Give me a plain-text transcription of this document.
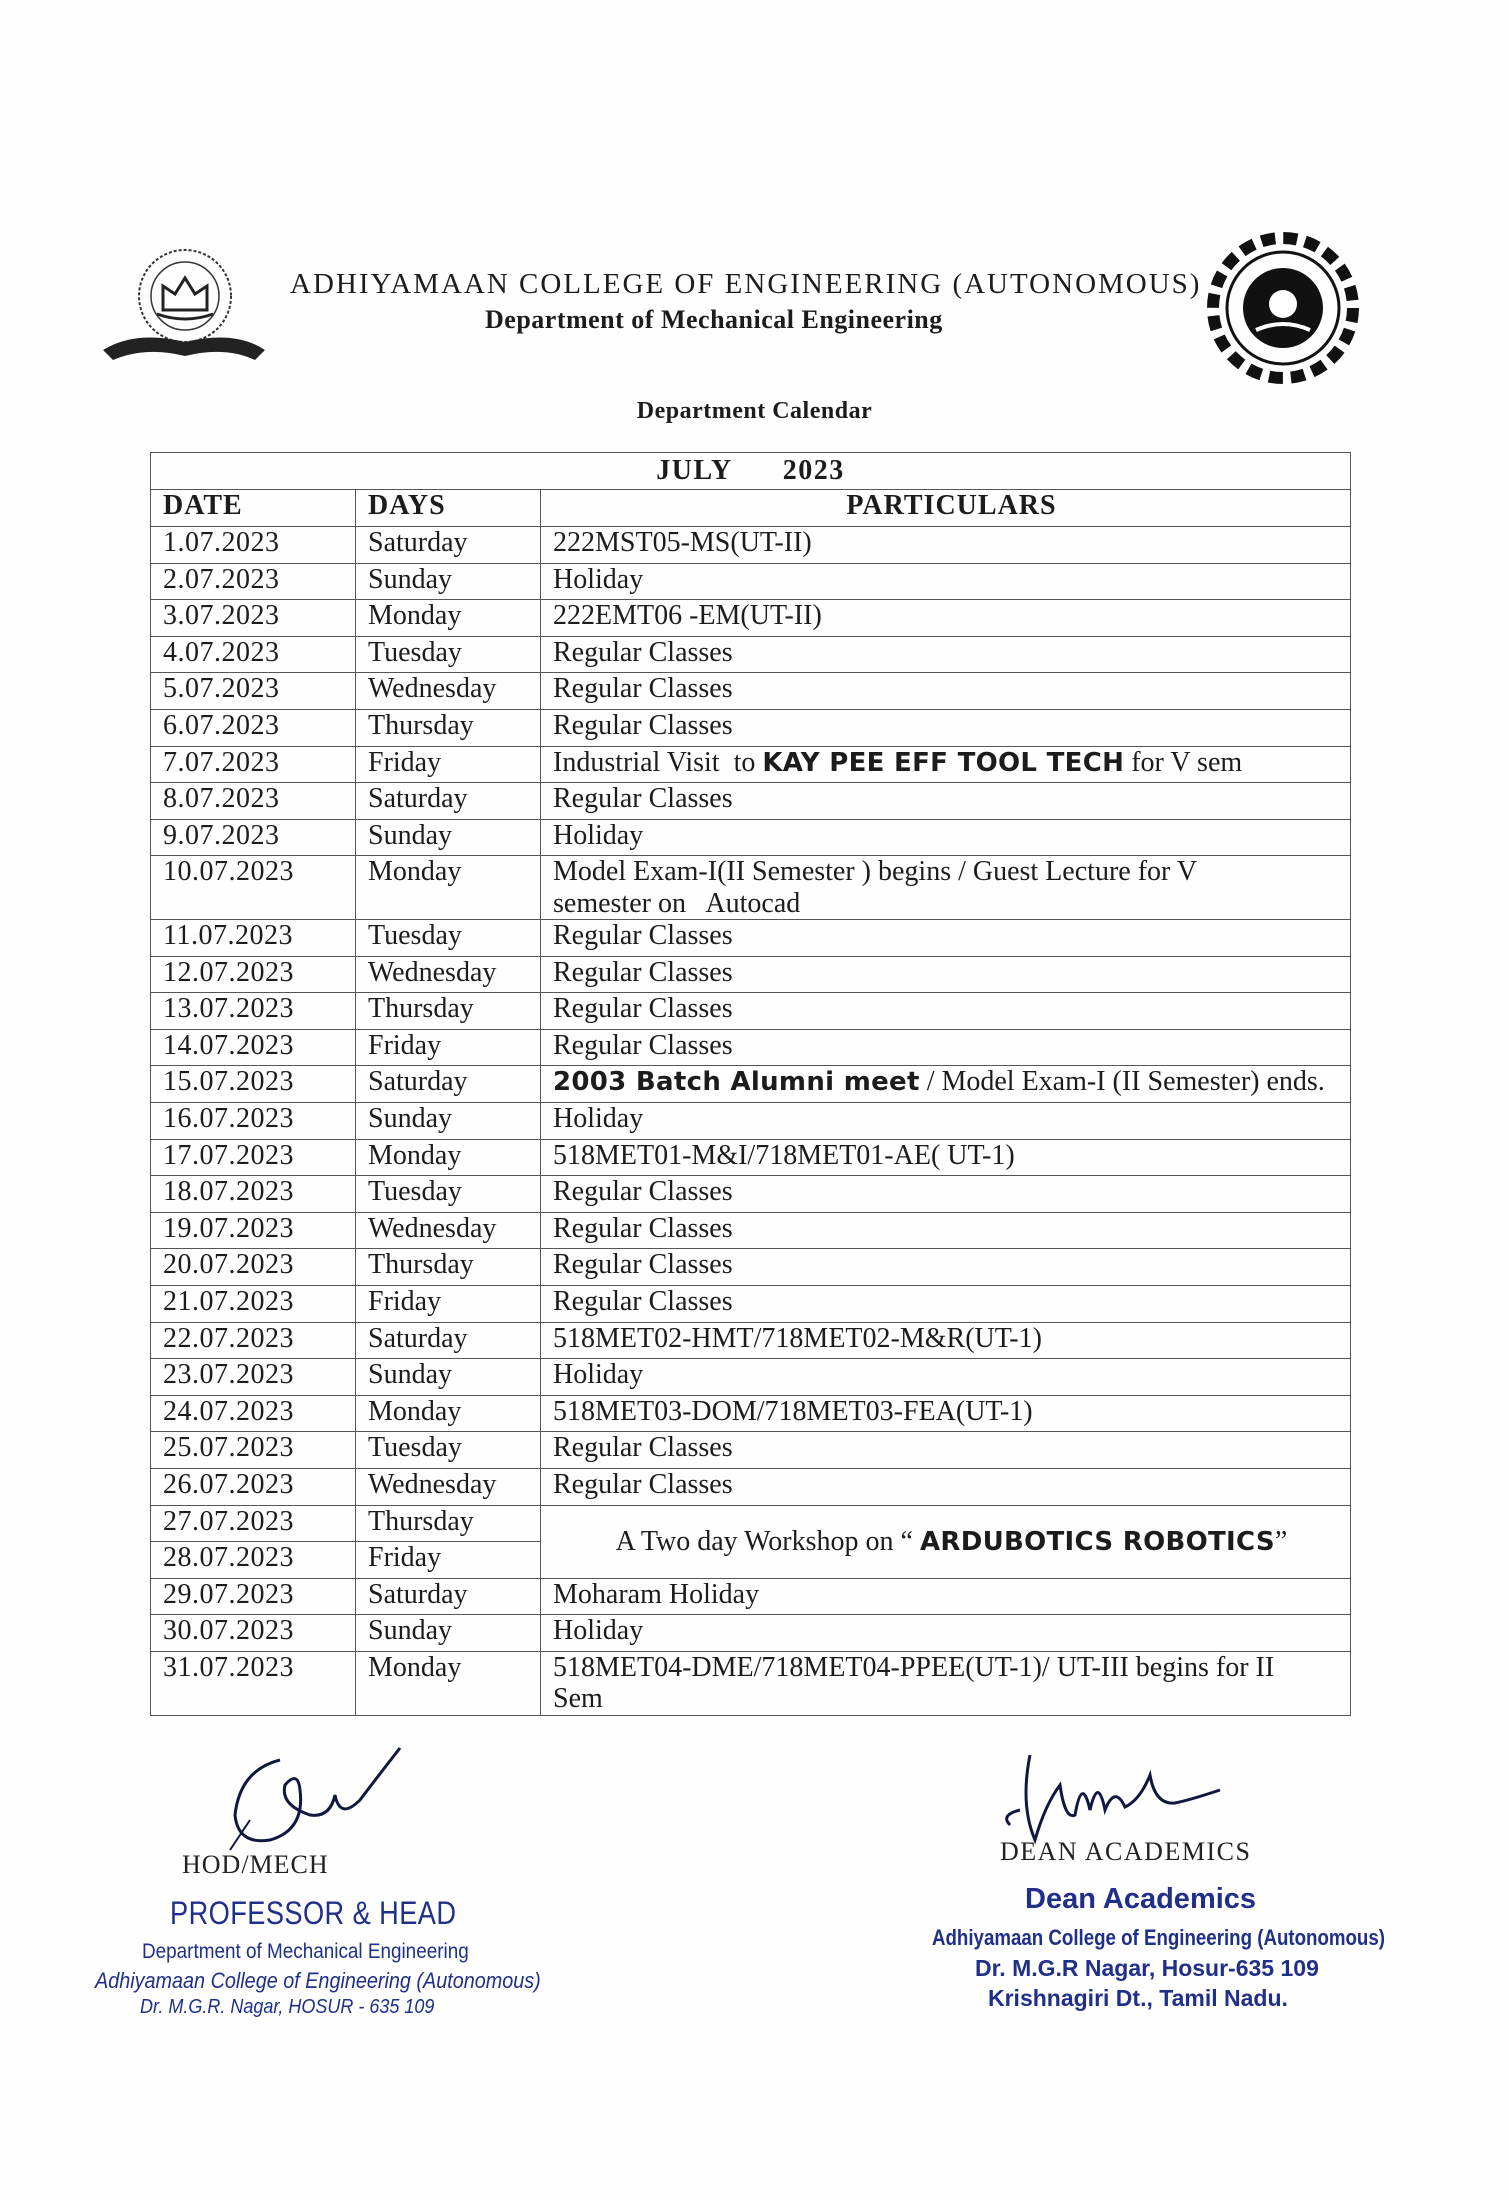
ADHIYAMAAN COLLEGE OF ENGINEERING (AUTONOMOUS)
Department of Mechanical Engineering
Department Calendar
JULY      2023		
DATE	DAYS	PARTICULARS
1.07.2023	Saturday	222MST05-MS(UT-II)
2.07.2023	Sunday	Holiday
3.07.2023	Monday	222EMT06 -EM(UT-II)
4.07.2023	Tuesday	Regular Classes
5.07.2023	Wednesday	Regular Classes
6.07.2023	Thursday	Regular Classes
7.07.2023	Friday	Industrial Visit  to KAY PEE EFF TOOL TECH for V sem
8.07.2023	Saturday	Regular Classes
9.07.2023	Sunday	Holiday
10.07.2023	Monday	Model Exam-I(II Semester ) begins / Guest Lecture for V
semester on   Autocad
11.07.2023	Tuesday	Regular Classes
12.07.2023	Wednesday	Regular Classes
13.07.2023	Thursday	Regular Classes
14.07.2023	Friday	Regular Classes
15.07.2023	Saturday	2003 Batch Alumni meet / Model Exam-I (II Semester) ends.
16.07.2023	Sunday	Holiday
17.07.2023	Monday	518MET01-M&I/718MET01-AE( UT-1)
18.07.2023	Tuesday	Regular Classes
19.07.2023	Wednesday	Regular Classes
20.07.2023	Thursday	Regular Classes
21.07.2023	Friday	Regular Classes
22.07.2023	Saturday	518MET02-HMT/718MET02-M&R(UT-1)
23.07.2023	Sunday	Holiday
24.07.2023	Monday	518MET03-DOM/718MET03-FEA(UT-1)
25.07.2023	Tuesday	Regular Classes
26.07.2023	Wednesday	Regular Classes
27.07.2023	Thursday	A Two day Workshop on “ ARDUBOTICS ROBOTICS”
28.07.2023	Friday	
29.07.2023	Saturday	Moharam Holiday
30.07.2023	Sunday	Holiday
31.07.2023	Monday	518MET04-DME/718MET04-PPEE(UT-1)/ UT-III begins for II
Sem
HOD/MECH
PROFESSOR & HEAD
Department of Mechanical Engineering
Adhiyamaan College of Engineering (Autonomous)
Dr. M.G.R. Nagar, HOSUR - 635 109
DEAN ACADEMICS
Dean Academics
Adhiyamaan College of Engineering (Autonomous)
Dr. M.G.R Nagar, Hosur-635 109
Krishnagiri Dt., Tamil Nadu.
